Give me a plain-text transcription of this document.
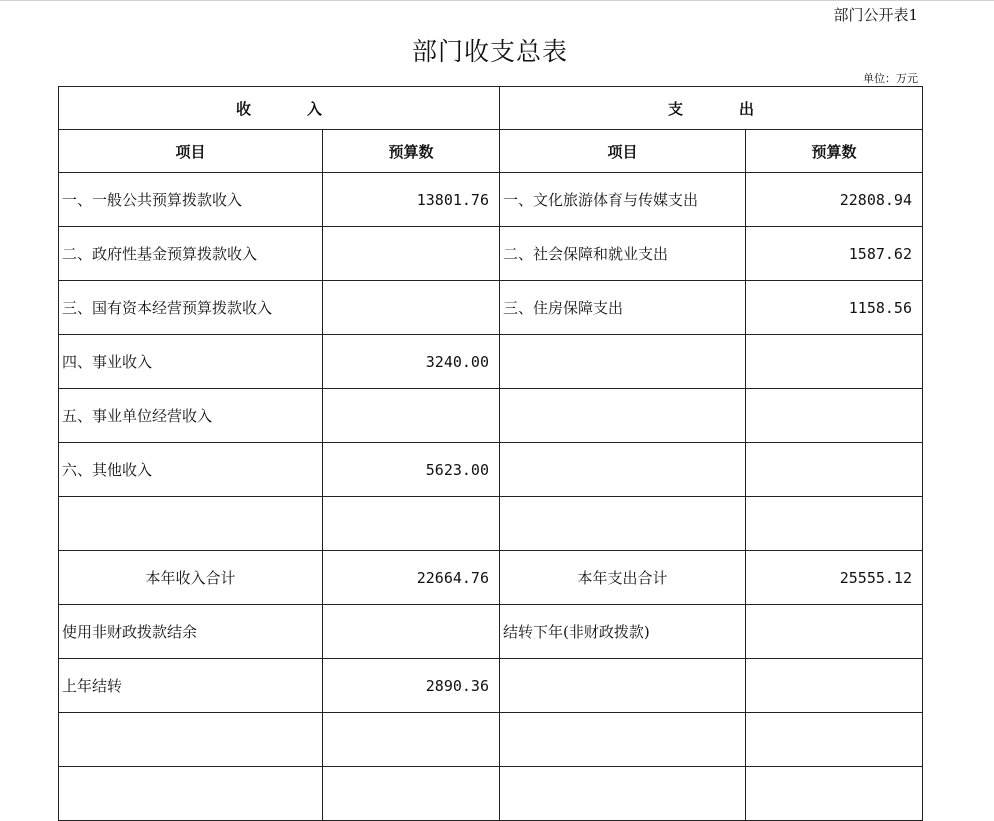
部门公开表1
部门收支总表
单位：万元
收 入		支 出	
项目	预算数	项目	预算数
一、一般公共预算拨款收入	13801.76	一、文化旅游体育与传媒支出	22808.94
二、政府性基金预算拨款收入		二、社会保障和就业支出	1587.62
三、国有资本经营预算拨款收入		三、住房保障支出	1158.56
四、事业收入	3240.00		
五、事业单位经营收入			
六、其他收入	5623.00		

本年收入合计	22664.76	本年支出合计	25555.12
使用非财政拨款结余		结转下年(非财政拨款)	
上年结转	2890.36		
